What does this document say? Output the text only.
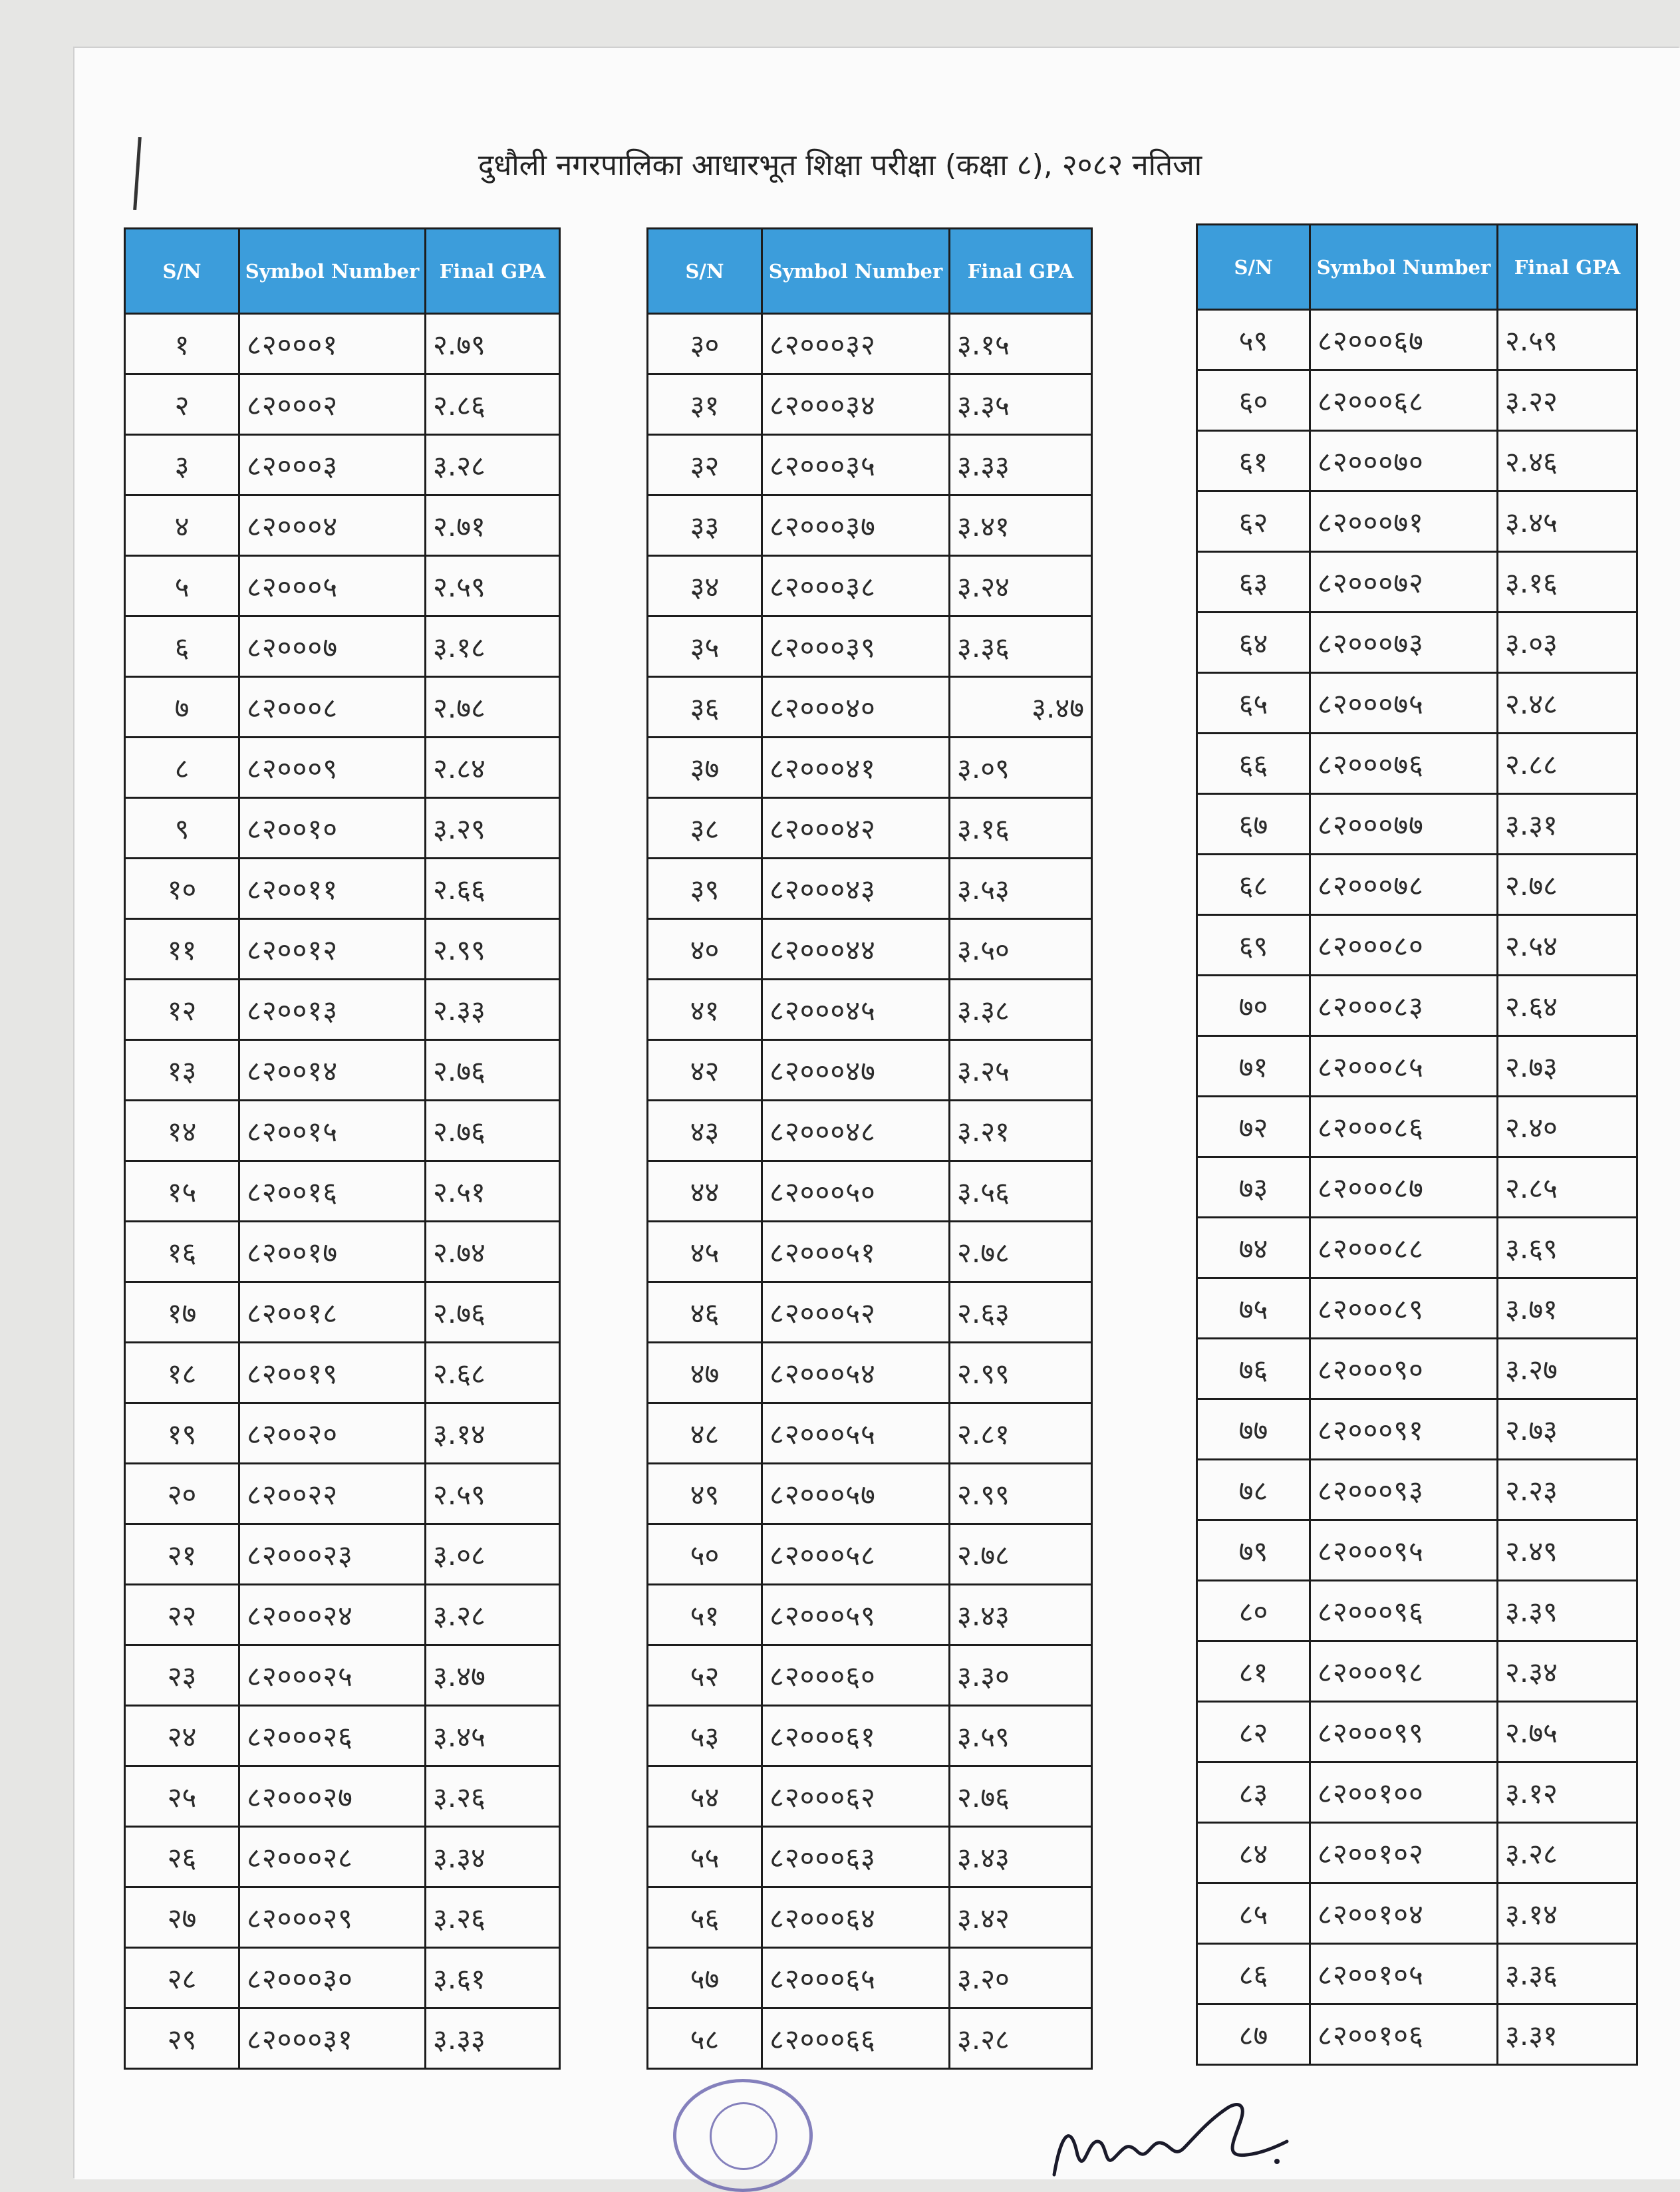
दुधौली नगरपालिका आधारभूत शिक्षा परीक्षा (कक्षा ८), २०८२ नतिजा
S/N	Symbol Number	Final GPA
१	८२०००१	२.७९
२	८२०००२	२.८६
३	८२०००३	३.२८
४	८२०००४	२.७१
५	८२०००५	२.५९
६	८२०००७	३.१८
७	८२०००८	२.७८
८	८२०००९	२.८४
९	८२००१०	३.२९
१०	८२००११	२.६६
११	८२००१२	२.९९
१२	८२००१३	२.३३
१३	८२००१४	२.७६
१४	८२००१५	२.७६
१५	८२००१६	२.५१
१६	८२००१७	२.७४
१७	८२००१८	२.७६
१८	८२००१९	२.६८
१९	८२००२०	३.१४
२०	८२००२२	२.५९
२१	८२०००२३	३.०८
२२	८२०००२४	३.२८
२३	८२०००२५	३.४७
२४	८२०००२६	३.४५
२५	८२०००२७	३.२६
२६	८२०००२८	३.३४
२७	८२०००२९	३.२६
२८	८२०००३०	३.६१
२९	८२०००३१	३.३३
S/N	Symbol Number	Final GPA
३०	८२०००३२	३.१५
३१	८२०००३४	३.३५
३२	८२०००३५	३.३३
३३	८२०००३७	३.४१
३४	८२०००३८	३.२४
३५	८२०००३९	३.३६
३६	८२०००४०	३.४७
३७	८२०००४१	३.०९
३८	८२०००४२	३.१६
३९	८२०००४३	३.५३
४०	८२०००४४	३.५०
४१	८२०००४५	३.३८
४२	८२०००४७	३.२५
४३	८२०००४८	३.२१
४४	८२०००५०	३.५६
४५	८२०००५१	२.७८
४६	८२०००५२	२.६३
४७	८२०००५४	२.९९
४८	८२०००५५	२.८१
४९	८२०००५७	२.९९
५०	८२०००५८	२.७८
५१	८२०००५९	३.४३
५२	८२०००६०	३.३०
५३	८२०००६१	३.५९
५४	८२०००६२	२.७६
५५	८२०००६३	३.४३
५६	८२०००६४	३.४२
५७	८२०००६५	३.२०
५८	८२०००६६	३.२८
S/N	Symbol Number	Final GPA
५९	८२०००६७	२.५९
६०	८२०००६८	३.२२
६१	८२०००७०	२.४६
६२	८२०००७१	३.४५
६३	८२०००७२	३.१६
६४	८२०००७३	३.०३
६५	८२०००७५	२.४८
६६	८२०००७६	२.८८
६७	८२०००७७	३.३१
६८	८२०००७८	२.७८
६९	८२०००८०	२.५४
७०	८२०००८३	२.६४
७१	८२०००८५	२.७३
७२	८२०००८६	२.४०
७३	८२०००८७	२.८५
७४	८२०००८८	३.६९
७५	८२०००८९	३.७१
७६	८२०००९०	३.२७
७७	८२०००९१	२.७३
७८	८२०००९३	२.२३
७९	८२०००९५	२.४९
८०	८२०००९६	३.३९
८१	८२०००९८	२.३४
८२	८२०००९९	२.७५
८३	८२००१००	३.१२
८४	८२००१०२	३.२८
८५	८२००१०४	३.१४
८६	८२००१०५	३.३६
८७	८२००१०६	३.३१
